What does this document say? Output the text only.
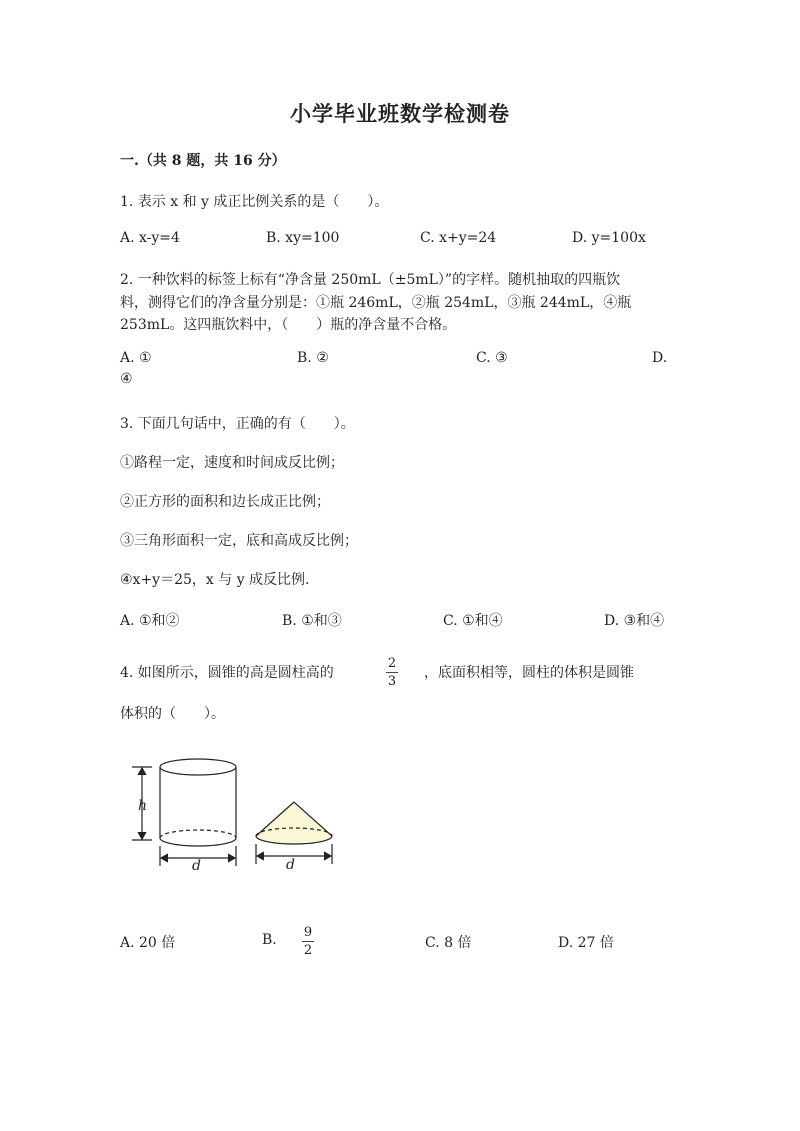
小学毕业班数学检测卷
一.（共 8 题，共 16 分）
1. 表示 x 和 y 成正比例关系的是（　　）。
A. x-y=4	B. xy=100	C. x+y=24	D. y=100x
2. 一种饮料的标签上标有“净含量 250mL（±5mL）”的字样。随机抽取的四瓶饮
料，测得它们的净含量分别是：①瓶 246mL，②瓶 254mL，③瓶 244mL，④瓶
253mL。这四瓶饮料中，（　　）瓶的净含量不合格。
A. ①	B. ②	C. ③	D.
④
3. 下面几句话中，正确的有（　　）。
①路程一定，速度和时间成反比例；
②正方形的面积和边长成正比例；
③三角形面积一定，底和高成反比例；
④x+y＝25，x 与 y 成反比例.
A. ①和②	B. ①和③	C. ①和④	D. ③和④
4. 如图所示，圆锥的高是圆柱高的
2
3
，底面积相等，圆柱的体积是圆锥
体积的（　　）。
h
d	d
A. 20 倍	B. 9
2	C. 8 倍	D. 27 倍
